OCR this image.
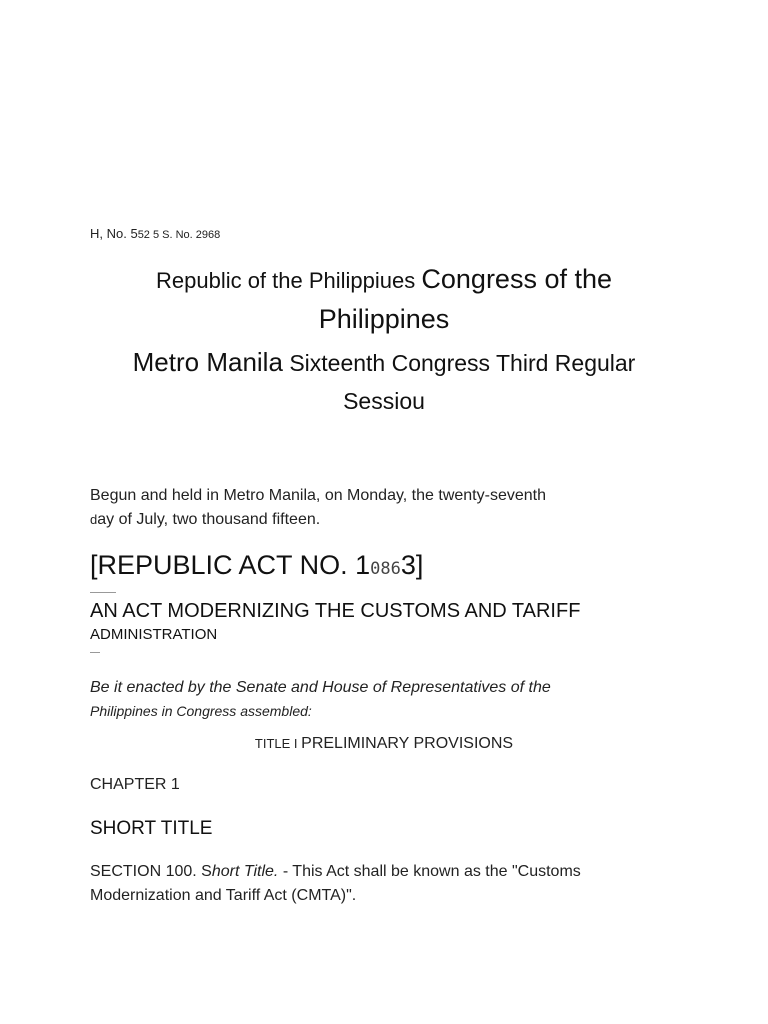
H, No. 552 5 S. No. 2968
Republic of the Philippiues Congress of the
Philippines
Metro Manila Sixteenth Congress Third Regular
Sessiou
Begun and held in Metro Manila, on Monday, the twenty-seventh
day of July, two thousand fifteen.
[REPUBLIC ACT NO. 10863]
AN ACT MODERNIZING THE CUSTOMS AND TARIFF
ADMINISTRATION
Be it enacted by the Senate and House of Representatives of the
Philippines in Congress assembled:
TITLE I PRELIMINARY PROVISIONS
CHAPTER 1
SHORT TITLE
SECTION 100. Short Title. - This Act shall be known as the "Customs
Modernization and Tariff Act (CMTA)".
